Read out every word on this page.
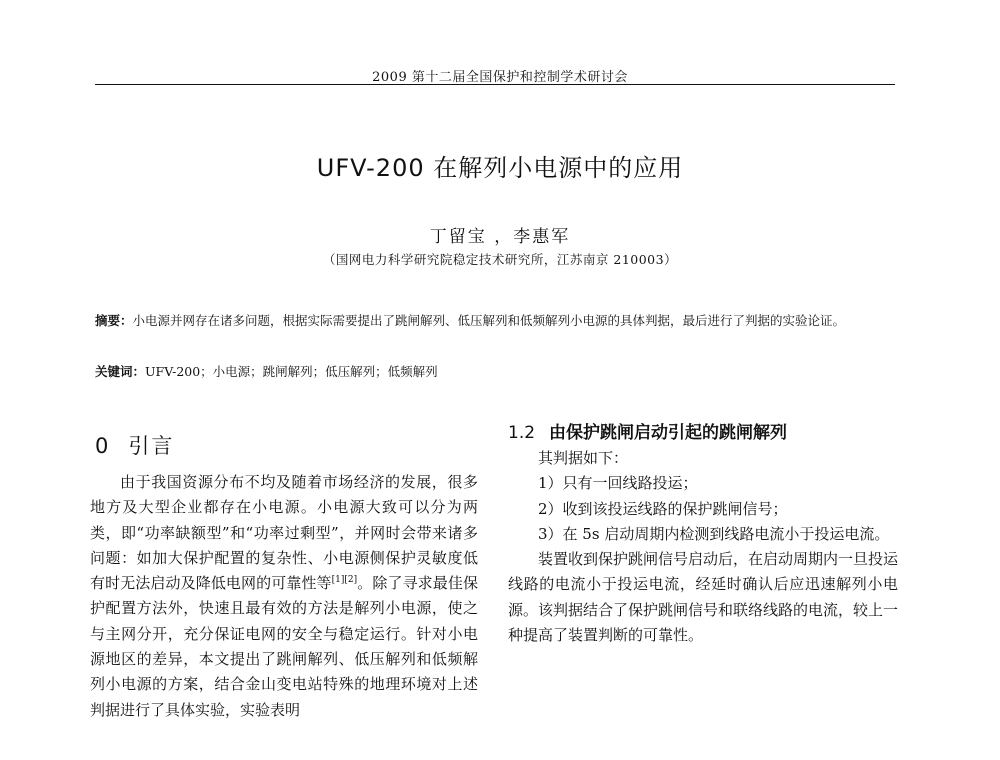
2009 第十二届全国保护和控制学术研讨会
UFV-200 在解列小电源中的应用
丁留宝 ，李惠军
（国网电力科学研究院稳定技术研究所，江苏南京 210003）
摘要：小电源并网存在诸多问题，根据实际需要提出了跳闸解列、低压解列和低频解列小电源的具体判据，最后进行了判据的实验论证。
关键词：UFV-200；小电源；跳闸解列；低压解列；低频解列
0 引言

由于我国资源分布不均及随着市场经济的发展，很多地方及大型企业都存在小电源。小电源大致可以分为两类，即“功率缺额型”和“功率过剩型”，并网时会带来诸多问题：如加大保护配置的复杂性、小电源侧保护灵敏度低有时无法启动及降低电网的可靠性等[1][2]。除了寻求最佳保护配置方法外，快速且最有效的方法是解列小电源，使之与主网分开，充分保证电网的安全与稳定运行。针对小电源地区的差异，本文提出了跳闸解列、低压解列和低频解列小电源的方案，结合金山变电站特殊的地理环境对上述判据进行了具体实验，实验表明

1.2 由保护跳闸启动引起的跳闸解列

其判据如下：

1）只有一回线路投运；

2）收到该投运线路的保护跳闸信号；

3）在 5s 启动周期内检测到线路电流小于投运电流。

装置收到保护跳闸信号启动后，在启动周期内一旦投运线路的电流小于投运电流，经延时确认后应迅速解列小电源。该判据结合了保护跳闸信号和联络线路的电流，较上一种提高了装置判断的可靠性。
